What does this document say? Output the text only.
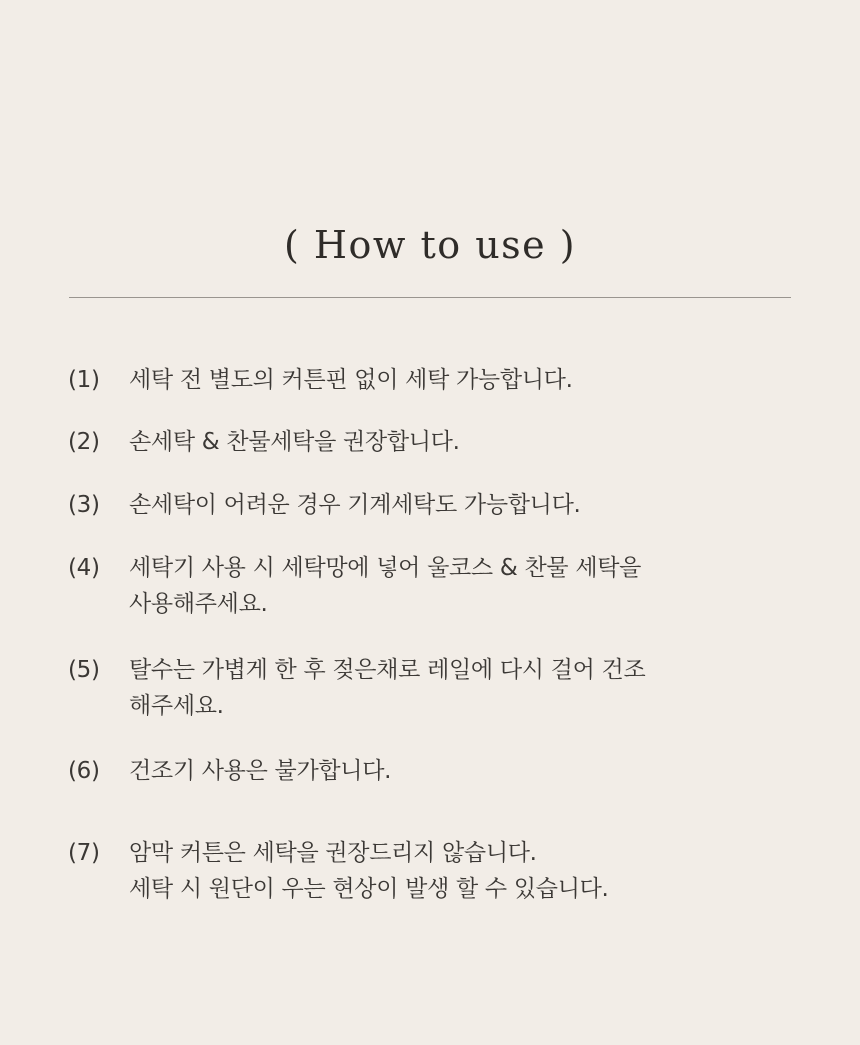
( How to use )
(1)	세탁 전 별도의 커튼핀 없이 세탁 가능합니다.
(2)	손세탁 & 찬물세탁을 권장합니다.
(3)	손세탁이 어려운 경우 기계세탁도 가능합니다.
(4)	세탁기 사용 시 세탁망에 넣어 울코스 & 찬물 세탁을
사용해주세요.
(5)	탈수는 가볍게 한 후 젖은채로 레일에 다시 걸어 건조
해주세요.
(6)	건조기 사용은 불가합니다.
(7)	암막 커튼은 세탁을 권장드리지 않습니다.
세탁 시 원단이 우는 현상이 발생 할 수 있습니다.
